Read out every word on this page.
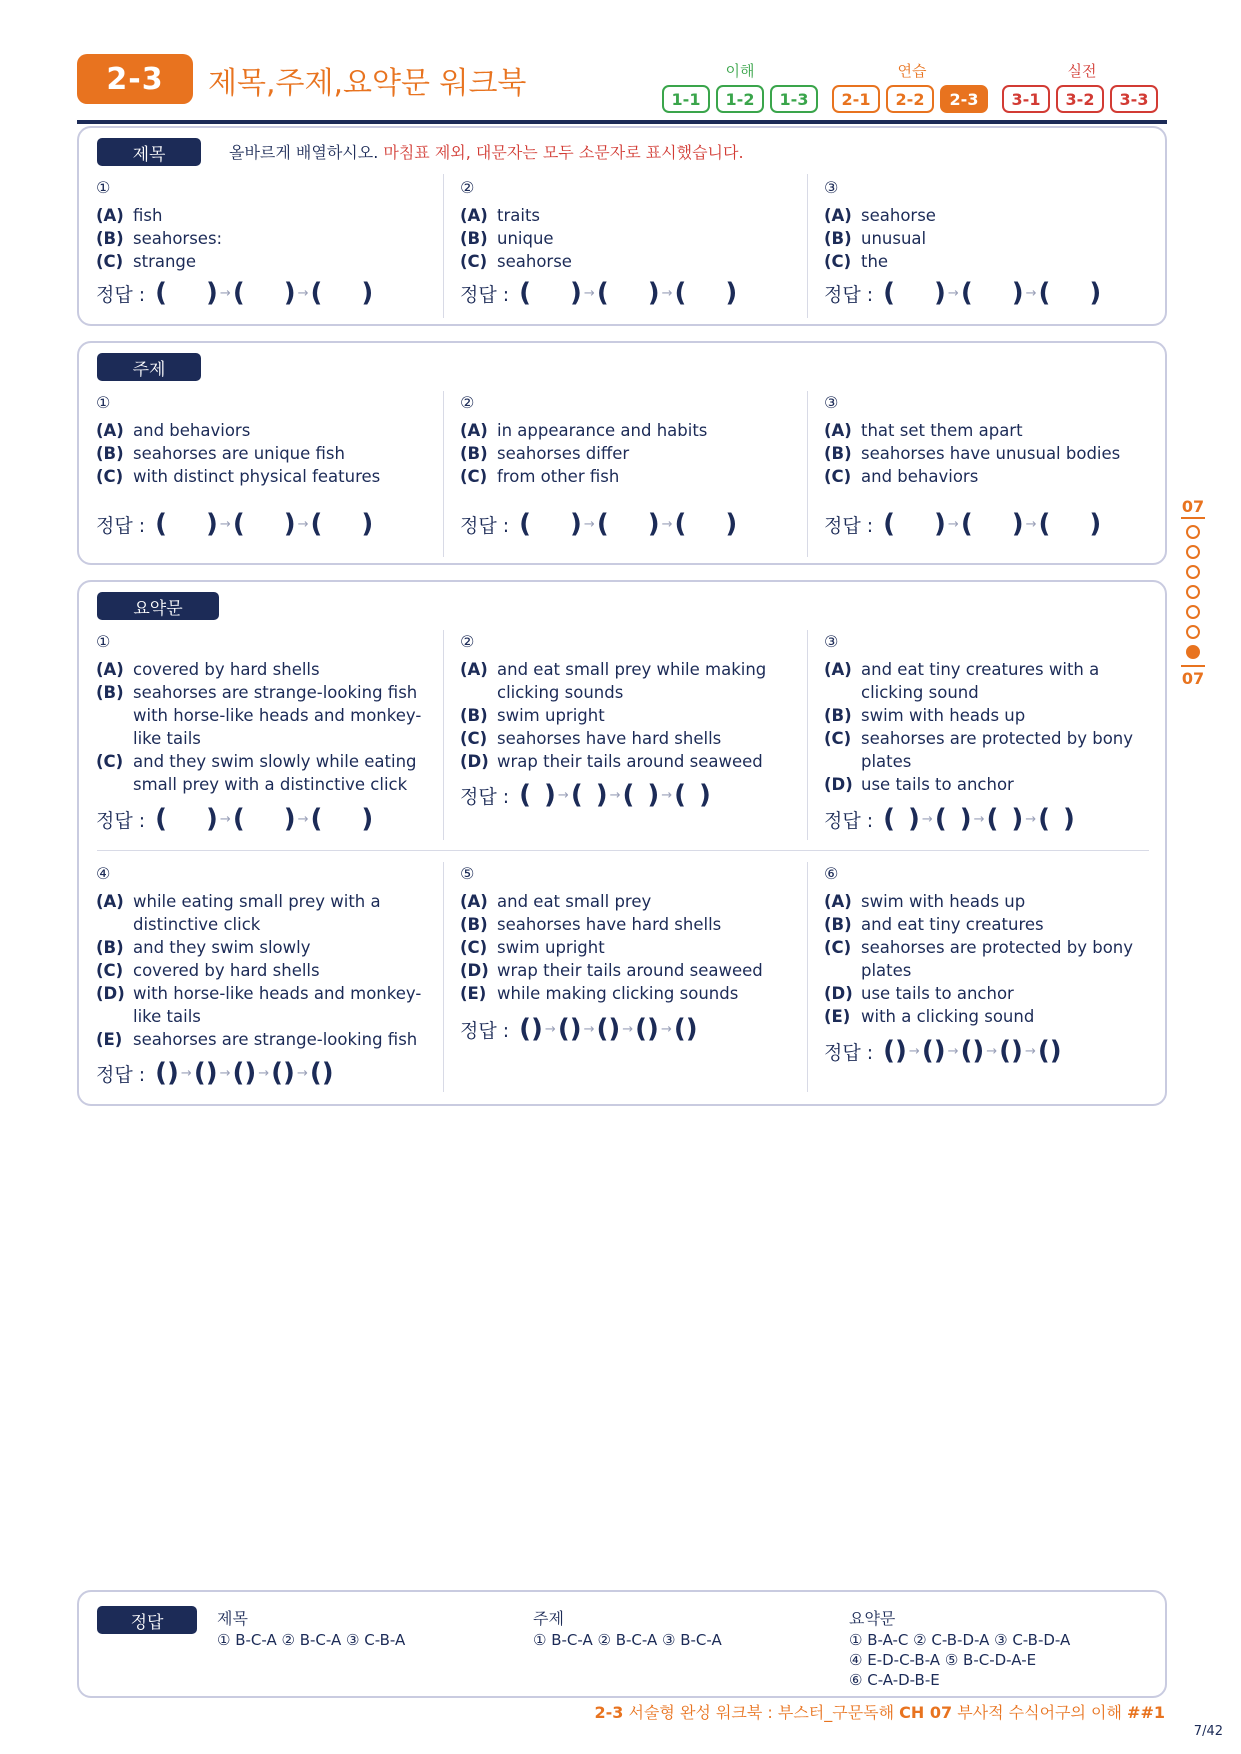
2-3	제목,주제,요약문 워크북	이해	연습	실전
1-1	1-2	1-3	2-1	2-2	2-3	3-1	3-2	3-3
제목	올바르게 배열하시오. 마침표 제외, 대문자는 모두 소문자로 표시했습니다.
①
(A) fish
(B) seahorses:
(C) strange
정답 : (  ) → (  ) → (  )
②
(A) traits
(B) unique
(C) seahorse
정답 : (  ) → (  ) → (  )
③
(A) seahorse
(B) unusual
(C) the
정답 : (  ) → (  ) → (  )
주제
①
(A) and behaviors
(B) seahorses are unique fish
(C) with distinct physical features
정답 : (  ) → (  ) → (  )
②
(A) in appearance and habits
(B) seahorses differ
(C) from other fish
정답 : (  ) → (  ) → (  )
③
(A) that set them apart
(B) seahorses have unusual bodies
(C) and behaviors
정답 : (  ) → (  ) → (  )
요약문
①
(A) covered by hard shells
(B) seahorses are strange-looking fish with horse-like heads and monkey-like tails
(C) and they swim slowly while eating small prey with a distinctive click
정답 : (  ) → (  ) → (  )
②
(A) and eat small prey while making clicking sounds
(B) swim upright
(C) seahorses have hard shells
(D) wrap their tails around seaweed
정답 : ( ) → ( ) → ( ) → ( )
③
(A) and eat tiny creatures with a clicking sound
(B) swim with heads up
(C) seahorses are protected by bony plates
(D) use tails to anchor
정답 : ( ) → ( ) → ( ) → ( )
④
(A) while eating small prey with a distinctive click
(B) and they swim slowly
(C) covered by hard shells
(D) with horse-like heads and monkey-like tails
(E) seahorses are strange-looking fish
정답 : () → () → () → () → ()
⑤
(A) and eat small prey
(B) seahorses have hard shells
(C) swim upright
(D) wrap their tails around seaweed
(E) while making clicking sounds
정답 : () → () → () → () → ()
⑥
(A) swim with heads up
(B) and eat tiny creatures
(C) seahorses are protected by bony plates
(D) use tails to anchor
(E) with a clicking sound
정답 : () → () → () → () → ()
07
07
정답	제목
① B-C-A ② B-C-A ③ C-B-A
주제
① B-C-A ② B-C-A ③ B-C-A
요약문
① B-A-C ② C-B-D-A ③ C-B-D-A
④ E-D-C-B-A ⑤ B-C-D-A-E
⑥ C-A-D-B-E
2-3 서술형 완성 워크북 : 부스터_구문독해 CH 07 부사적 수식어구의 이해 ##1
7/42
